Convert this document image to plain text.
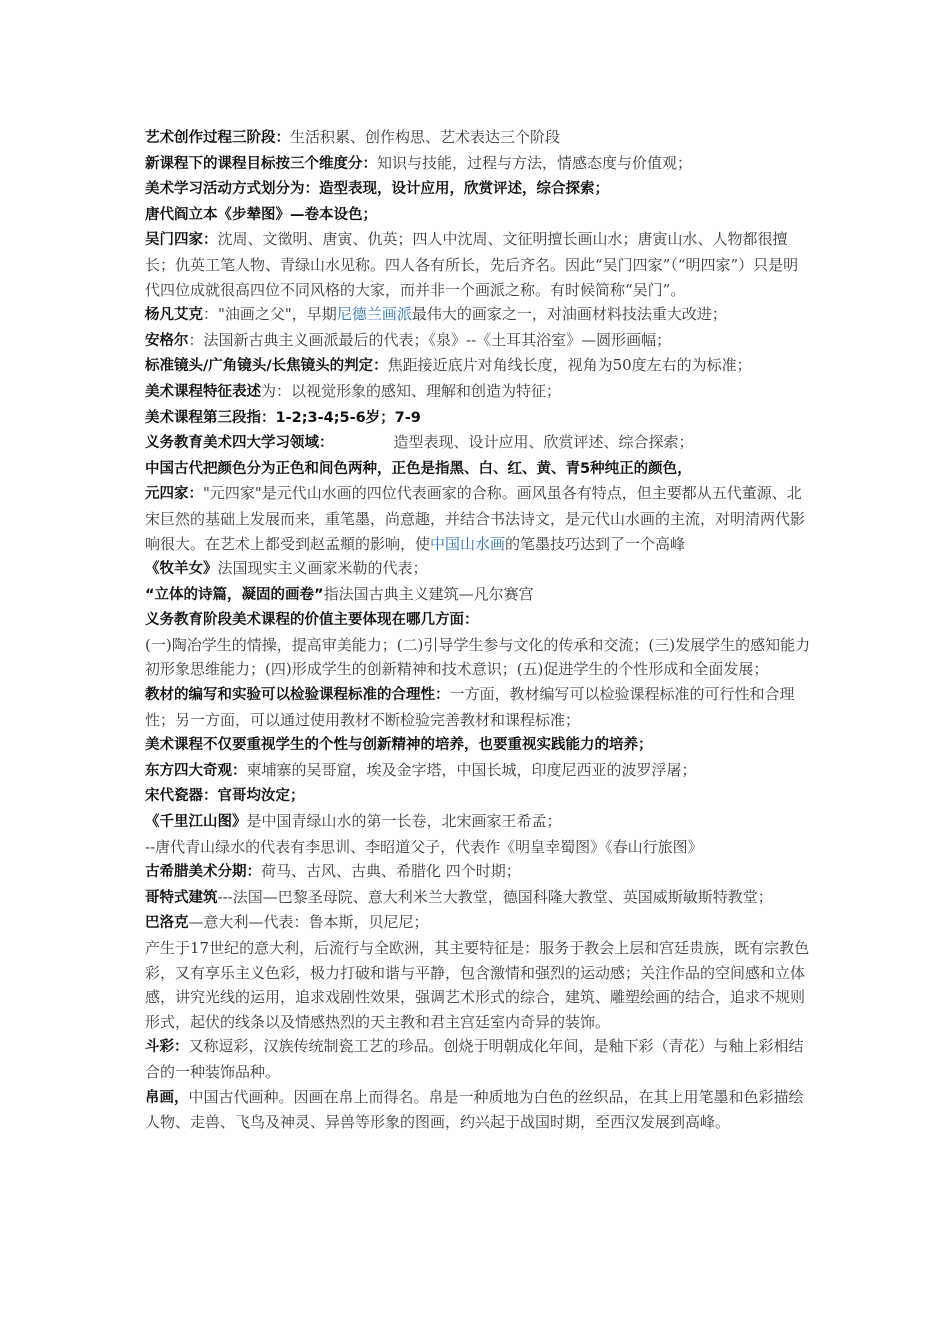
艺术创作过程三阶段：生活积累、创作构思、艺术表达三个阶段

新课程下的课程目标按三个维度分：知识与技能，过程与方法，情感态度与价值观；

美术学习活动方式划分为：造型表现，设计应用，欣赏评述，综合探索；

唐代阎立本《步辇图》—卷本设色；

吴门四家：沈周、文徵明、唐寅、仇英；四人中沈周、文征明擅长画山水；唐寅山水、人物都很擅长；仇英工笔人物、青绿山水见称。四人各有所长，先后齐名。因此“吴门四家”（“明四家”）只是明代四位成就很高四位不同风格的大家，而并非一个画派之称。有时候简称“吴门”。

杨凡艾克："油画之父"，早期尼德兰画派最伟大的画家之一，对油画材料技法重大改进；

安格尔：法国新古典主义画派最后的代表；《泉》--《土耳其浴室》—圆形画幅；

标准镜头/广角镜头/长焦镜头的判定：焦距接近底片对角线长度，视角为50度左右的为标准；

美术课程特征表述为：以视觉形象的感知、理解和创造为特征；

美术课程第三段指：1-2;3-4;5-6岁；7-9

义务教育美术四大学习领域：	造型表现、设计应用、欣赏评述、综合探索；

中国古代把颜色分为正色和间色两种，正色是指黑、白、红、黄、青5种纯正的颜色，

元四家："元四家"是元代山水画的四位代表画家的合称。画风虽各有特点，但主要都从五代董源、北宋巨然的基础上发展而来，重笔墨，尚意趣，并结合书法诗文，是元代山水画的主流，对明清两代影响很大。在艺术上都受到赵孟頫的影响，使中国山水画的笔墨技巧达到了一个高峰

《牧羊女》法国现实主义画家米勒的代表；

“立体的诗篇，凝固的画卷”指法国古典主义建筑—凡尔赛宫

义务教育阶段美术课程的价值主要体现在哪几方面：

(一)陶冶学生的情操，提高审美能力；(二)引导学生参与文化的传承和交流；(三)发展学生的感知能力初形象思维能力；(四)形成学生的创新精神和技术意识；(五)促进学生的个性形成和全面发展；

教材的编写和实验可以检验课程标准的合理性：一方面，教材编写可以检验课程标准的可行性和合理性；另一方面，可以通过使用教材不断检验完善教材和课程标准；

美术课程不仅要重视学生的个性与创新精神的培养，也要重视实践能力的培养；

东方四大奇观：柬埔寨的吴哥窟，埃及金字塔，中国长城，印度尼西亚的波罗浮屠；

宋代瓷器：官哥均汝定；

《千里江山图》是中国青绿山水的第一长卷，北宋画家王希孟；

--唐代青山绿水的代表有李思训、李昭道父子，代表作《明皇幸蜀图》《春山行旅图》

古希腊美术分期：荷马、古风、古典、希腊化 四个时期；

哥特式建筑---法国—巴黎圣母院、意大利米兰大教堂，德国科隆大教堂、英国威斯敏斯特教堂；

巴洛克—意大利—代表：鲁本斯，贝尼尼；

产生于17世纪的意大利，后流行与全欧洲，其主要特征是：服务于教会上层和宫廷贵族，既有宗教色彩，又有享乐主义色彩，极力打破和谐与平静，包含激情和强烈的运动感；关注作品的空间感和立体感，讲究光线的运用，追求戏剧性效果，强调艺术形式的综合，建筑、雕塑绘画的结合，追求不规则形式，起伏的线条以及情感热烈的天主教和君主宫廷室内奇异的装饰。

斗彩：又称逗彩，汉族传统制瓷工艺的珍品。创烧于明朝成化年间，是釉下彩（青花）与釉上彩相结合的一种装饰品种。

帛画，中国古代画种。因画在帛上而得名。帛是一种质地为白色的丝织品，在其上用笔墨和色彩描绘人物、走兽、飞鸟及神灵、异兽等形象的图画，约兴起于战国时期，至西汉发展到高峰。
